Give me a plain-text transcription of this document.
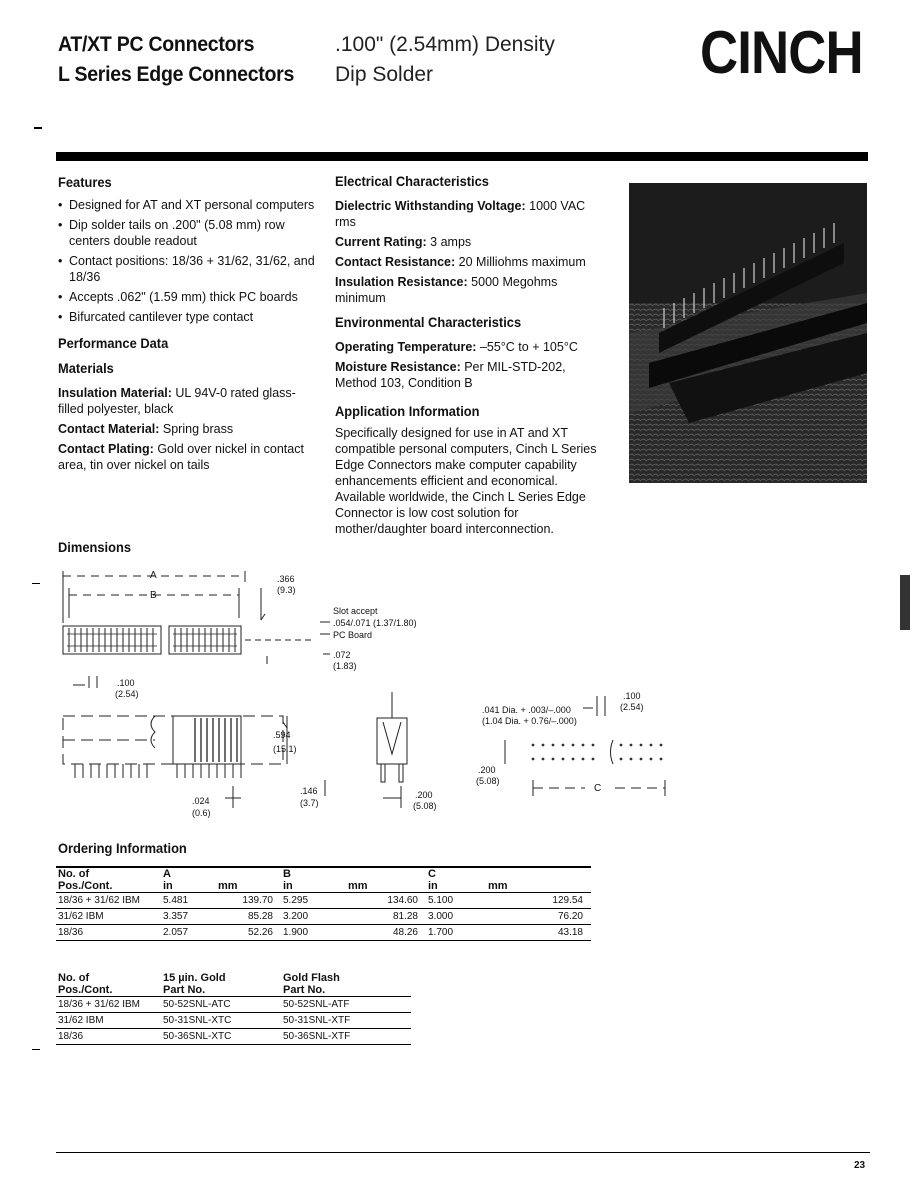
AT/XT PC Connectors
L Series Edge Connectors
.100" (2.54mm) Density
Dip Solder	CINCH
Features
• Designed for AT and XT personal computers
• Dip solder tails on .200" (5.08 mm) row centers double readout
• Contact positions: 18/36 + 31/62, 31/62, and 18/36
• Accepts .062" (1.59 mm) thick PC boards
• Bifurcated cantilever type contact
Performance Data
Materials

Insulation Material: UL 94V-0 rated glass-filled polyester, black

Contact Material: Spring brass

Contact Plating: Gold over nickel in contact area, tin over nickel on tails

Dimensions
Electrical Characteristics

Dielectric Withstanding Voltage: 1000 VAC rms

Current Rating: 3 amps

Contact Resistance: 20 Milliohms maximum

Insulation Resistance: 5000 Megohms minimum

Environmental Characteristics

Operating Temperature: –55°C to + 105°C

Moisture Resistance: Per MIL-STD-202, Method 103, Condition B

Application Information
Specifically designed for use in AT and XT compatible personal computers, Cinch L Series Edge Connectors make computer capability enhancements efficient and economical. Available worldwide, the Cinch L Series Edge Connector is low cost solution for mother/daughter board interconnection.
A
B
.366
(9.3)
Slot accept
.054/.071 (1.37/1.80)
PC Board
.072
(1.83)
.100
(2.54)
.594
(15.1)
.146
(3.7)
.024
(0.6)
.200
(5.08)
.041 Dia. + .003/–.000
(1.04 Dia. + 0.76/–.000)
.100
(2.54)
.200
(5.08)
C
Ordering Information
No. of	A		B		C	
Pos./Cont.	in	mm	in	mm	in	mm
18/36 + 31/62 IBM	5.481	139.70	5.295	134.60	5.100	129.54
31/62 IBM	3.357	85.28	3.200	81.28	3.000	76.20
18/36	2.057	52.26	1.900	48.26	1.700	43.18
No. of	15 µin. Gold	Gold Flash
Pos./Cont.	Part No.	Part No.
18/36 + 31/62 IBM	50-52SNL-ATC	50-52SNL-ATF
31/62 IBM	50-31SNL-XTC	50-31SNL-XTF
18/36	50-36SNL-XTC	50-36SNL-XTF
23
